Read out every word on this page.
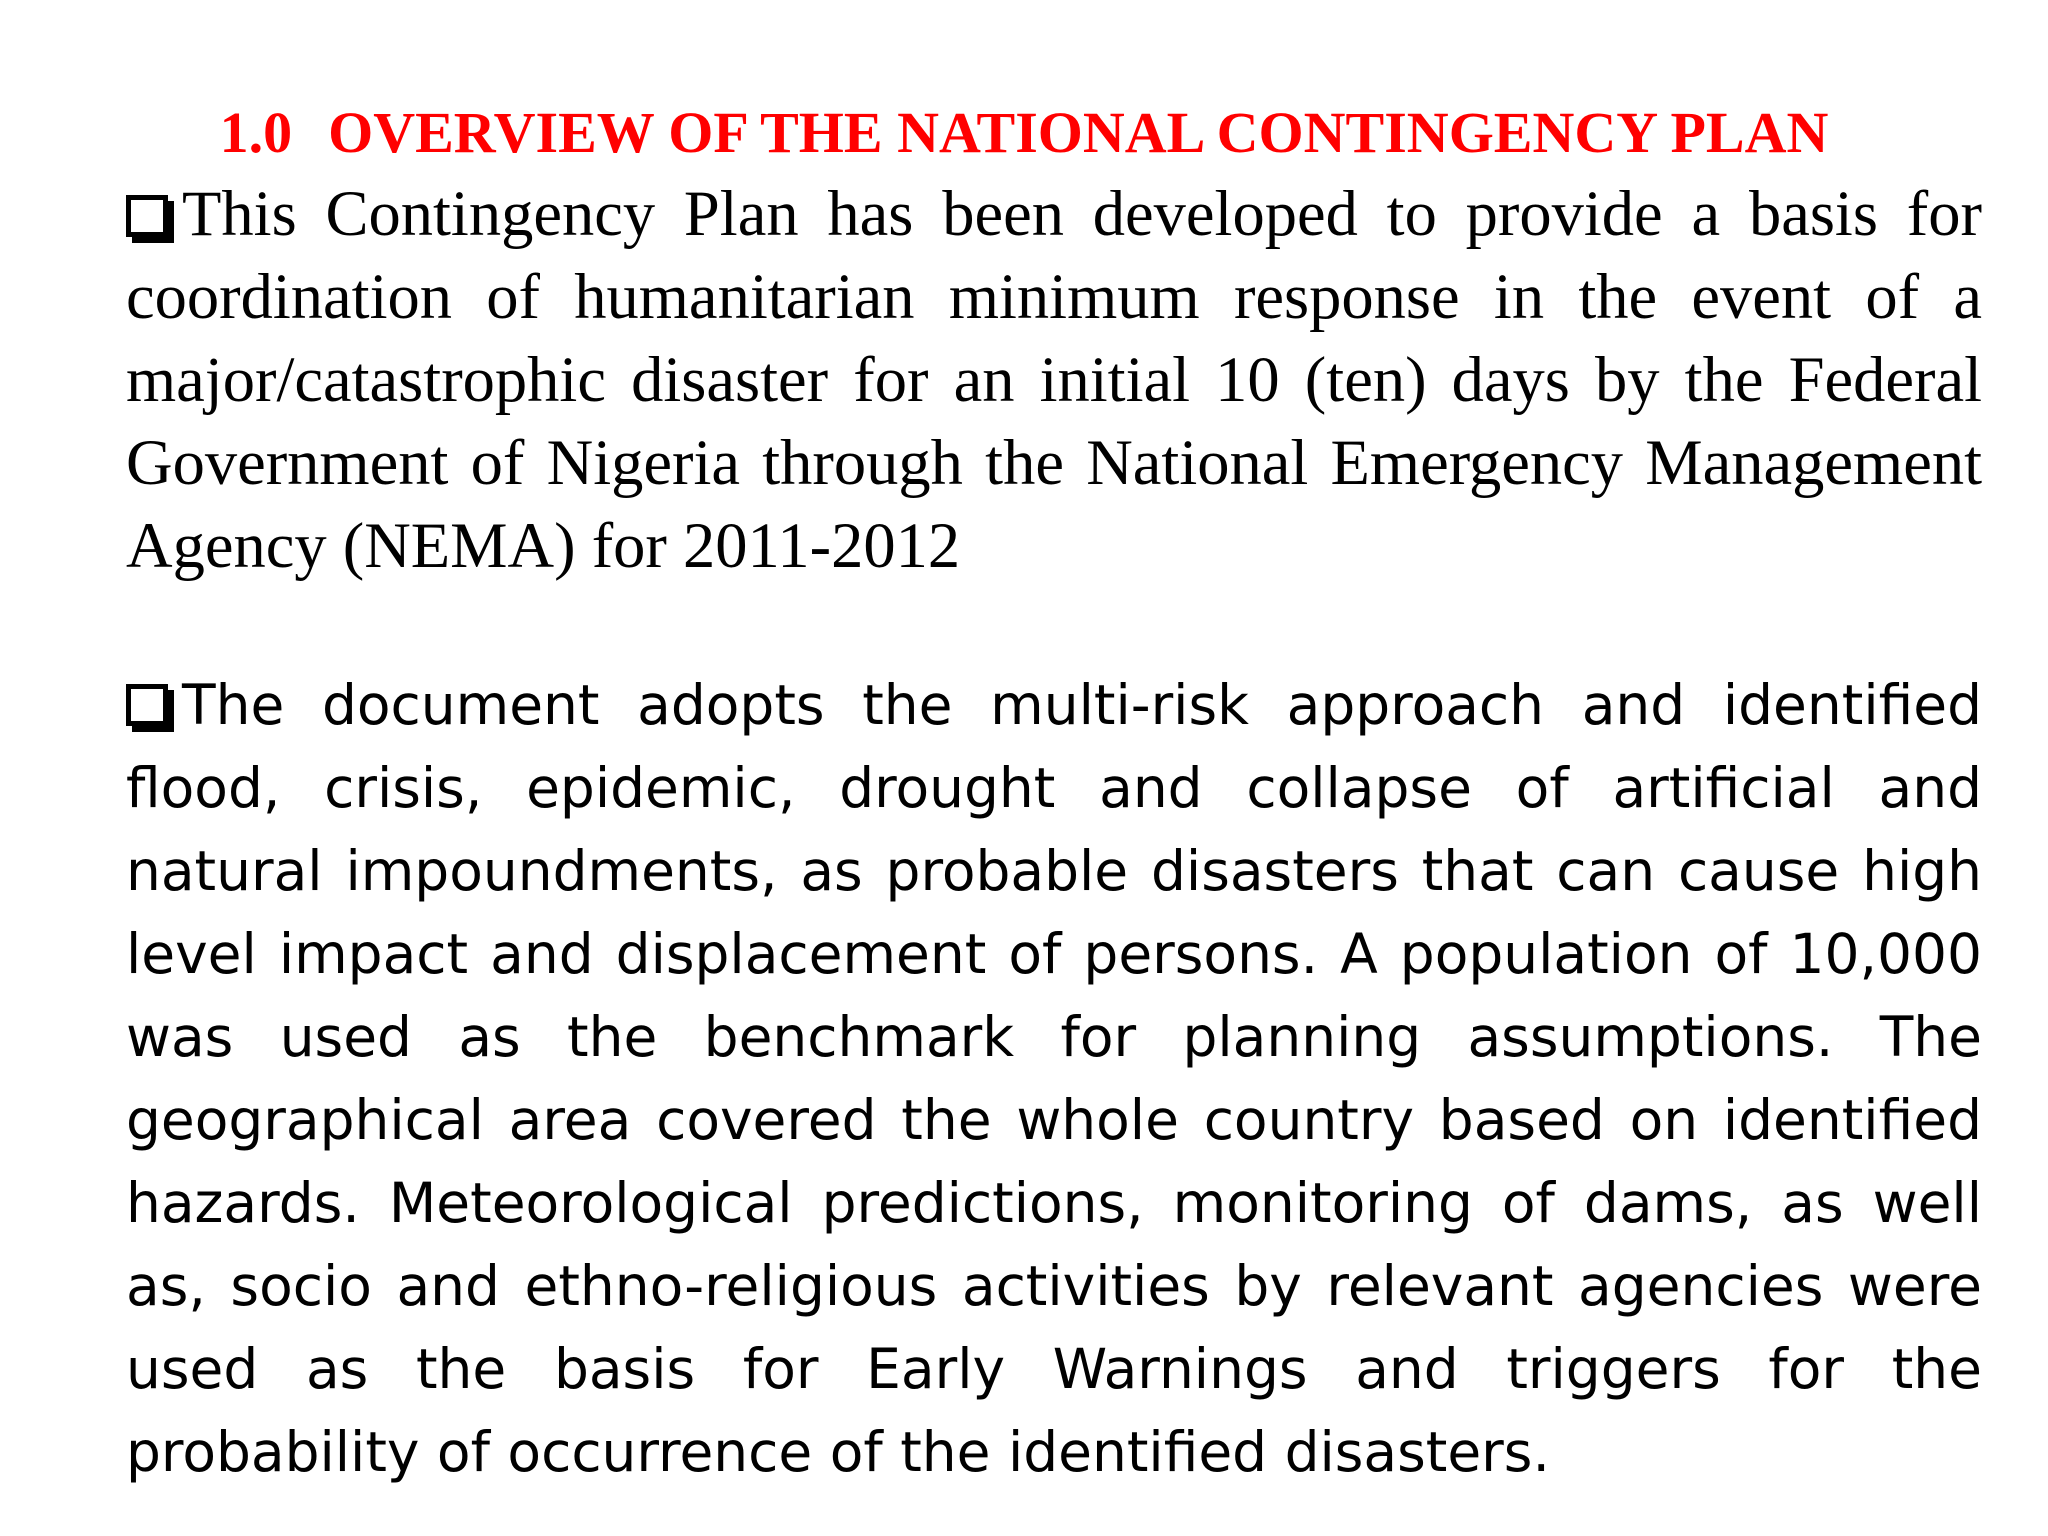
1.0 OVERVIEW OF THE NATIONAL CONTINGENCY PLAN
This Contingency Plan has been developed to provide a basis for coordination of humanitarian minimum response in the event of a major/catastrophic disaster for an initial 10 (ten) days by the Federal Government of Nigeria through the National Emergency Management Agency (NEMA) for 2011-2012
The document adopts the multi-risk approach and identified flood, crisis, epidemic, drought and collapse of artificial and natural impoundments, as probable disasters that can cause high level impact and displacement of persons. A population of 10,000 was used as the benchmark for planning assumptions. The geographical area covered the whole country based on identified hazards. Meteorological predictions, monitoring of dams, as well as, socio and ethno-religious activities by relevant agencies were used as the basis for Early Warnings and triggers for the probability of occurrence of the identified disasters.
